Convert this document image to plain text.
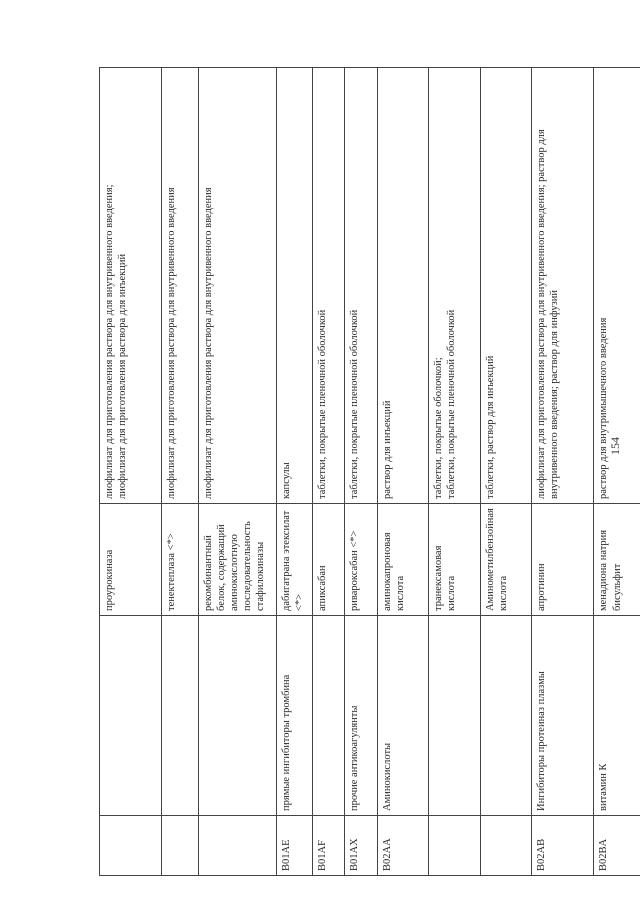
		проурокиназа	лиофилизат для приготовления раствора для внутривенного введения; лиофилизат для приготовления раствора для инъекций
		тенектеплаза <*>	лиофилизат для приготовления раствора для внутривенного введения
		рекомбинантный белок, содержащий аминокислотную последовательность стафилокиназы	лиофилизат для приготовления раствора для внутривенного введения
B01AE	прямые ингибиторы тромбина	дабигатрана этексилат <*>	капсулы
B01AF		апиксабан	таблетки, покрытые пленочной оболочкой
B01AX	прочие антикоагулянты	ривароксабан <*>	таблетки, покрытые пленочной оболочкой
B02AA	Аминокислоты	аминокапроновая кислота	раствор для инъекций
		транексамовая кислота	таблетки, покрытые оболочкой; таблетки, покрытые пленочной оболочкой
		Аминометилбензойная кислота	таблетки, раствор для инъекций
B02AB	Ингибиторы протеиназ плазмы	апротинин	лиофилизат для приготовления раствора для внутривенного введения; раствор для внутривенного введения; раствор для инфузий
B02BA	витамин К	менадиона натрия бисульфит	раствор для внутримышечного введения
154
